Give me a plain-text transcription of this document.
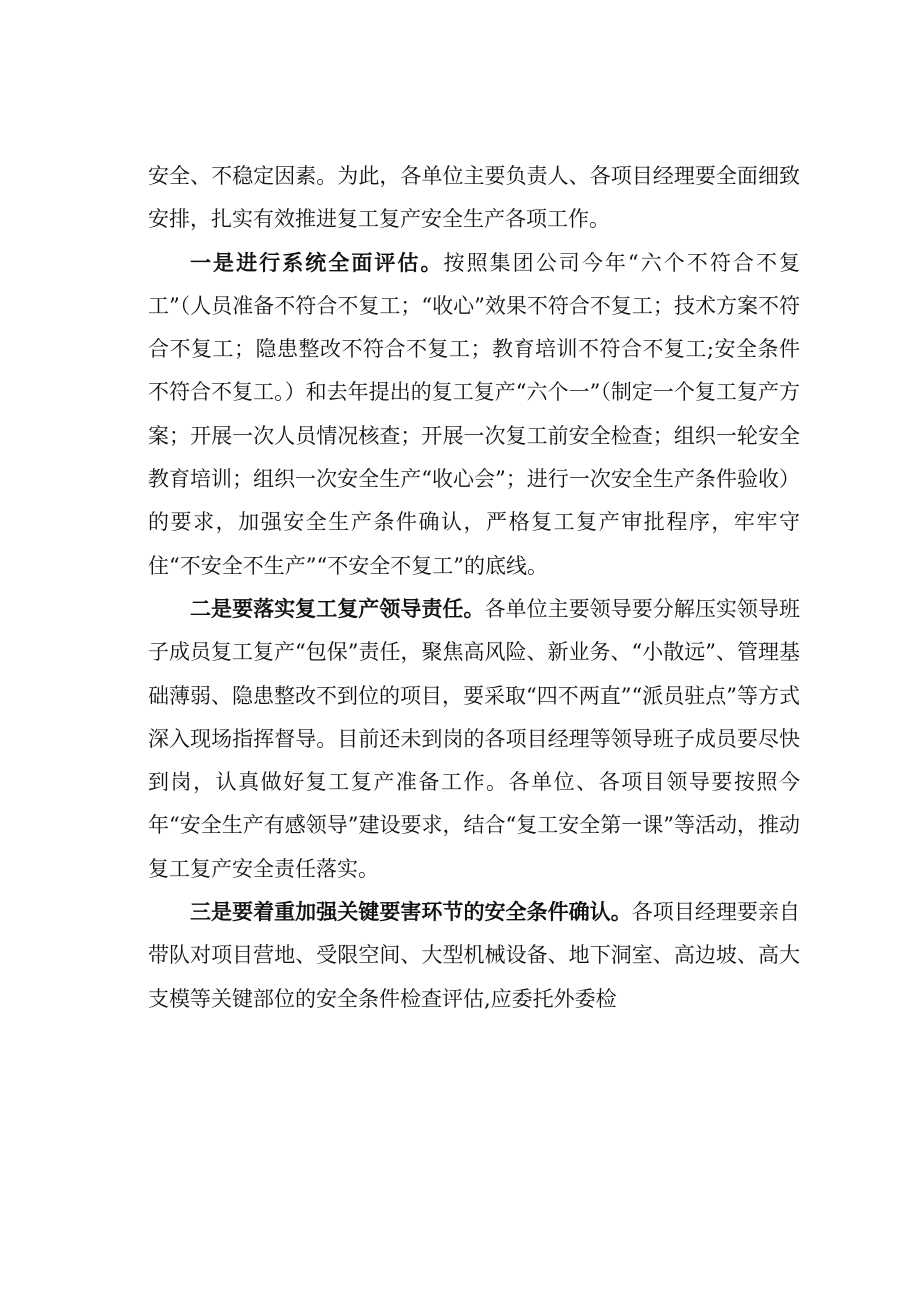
安全、不稳定因素。为此，各单位主要负责人、各项目经理要全面细致安排，扎实有效推进复工复产安全生产各项工作。

一是进行系统全面评估。按照集团公司今年“六个不符合不复工”（人员准备不符合不复工；“收心”效果不符合不复工；技术方案不符合不复工；隐患整改不符合不复工；教育培训不符合不复工;安全条件不符合不复工。）和去年提出的复工复产“六个一”（制定一个复工复产方案；开展一次人员情况核查；开展一次复工前安全检查；组织一轮安全教育培训；组织一次安全生产“收心会”；进行一次安全生产条件验收）的要求，加强安全生产条件确认，严格复工复产审批程序，牢牢守住“不安全不生产”“不安全不复工”的底线。

二是要落实复工复产领导责任。各单位主要领导要分解压实领导班子成员复工复产“包保”责任，聚焦高风险、新业务、“小散远”、管理基础薄弱、隐患整改不到位的项目，要采取“四不两直”“派员驻点”等方式深入现场指挥督导。目前还未到岗的各项目经理等领导班子成员要尽快到岗，认真做好复工复产准备工作。各单位、各项目领导要按照今年“安全生产有感领导”建设要求，结合“复工安全第一课”等活动，推动复工复产安全责任落实。

三是要着重加强关键要害环节的安全条件确认。各项目经理要亲自带队对项目营地、受限空间、大型机械设备、地下洞室、高边坡、高大支模等关键部位的安全条件检查评估,应委托外委检
